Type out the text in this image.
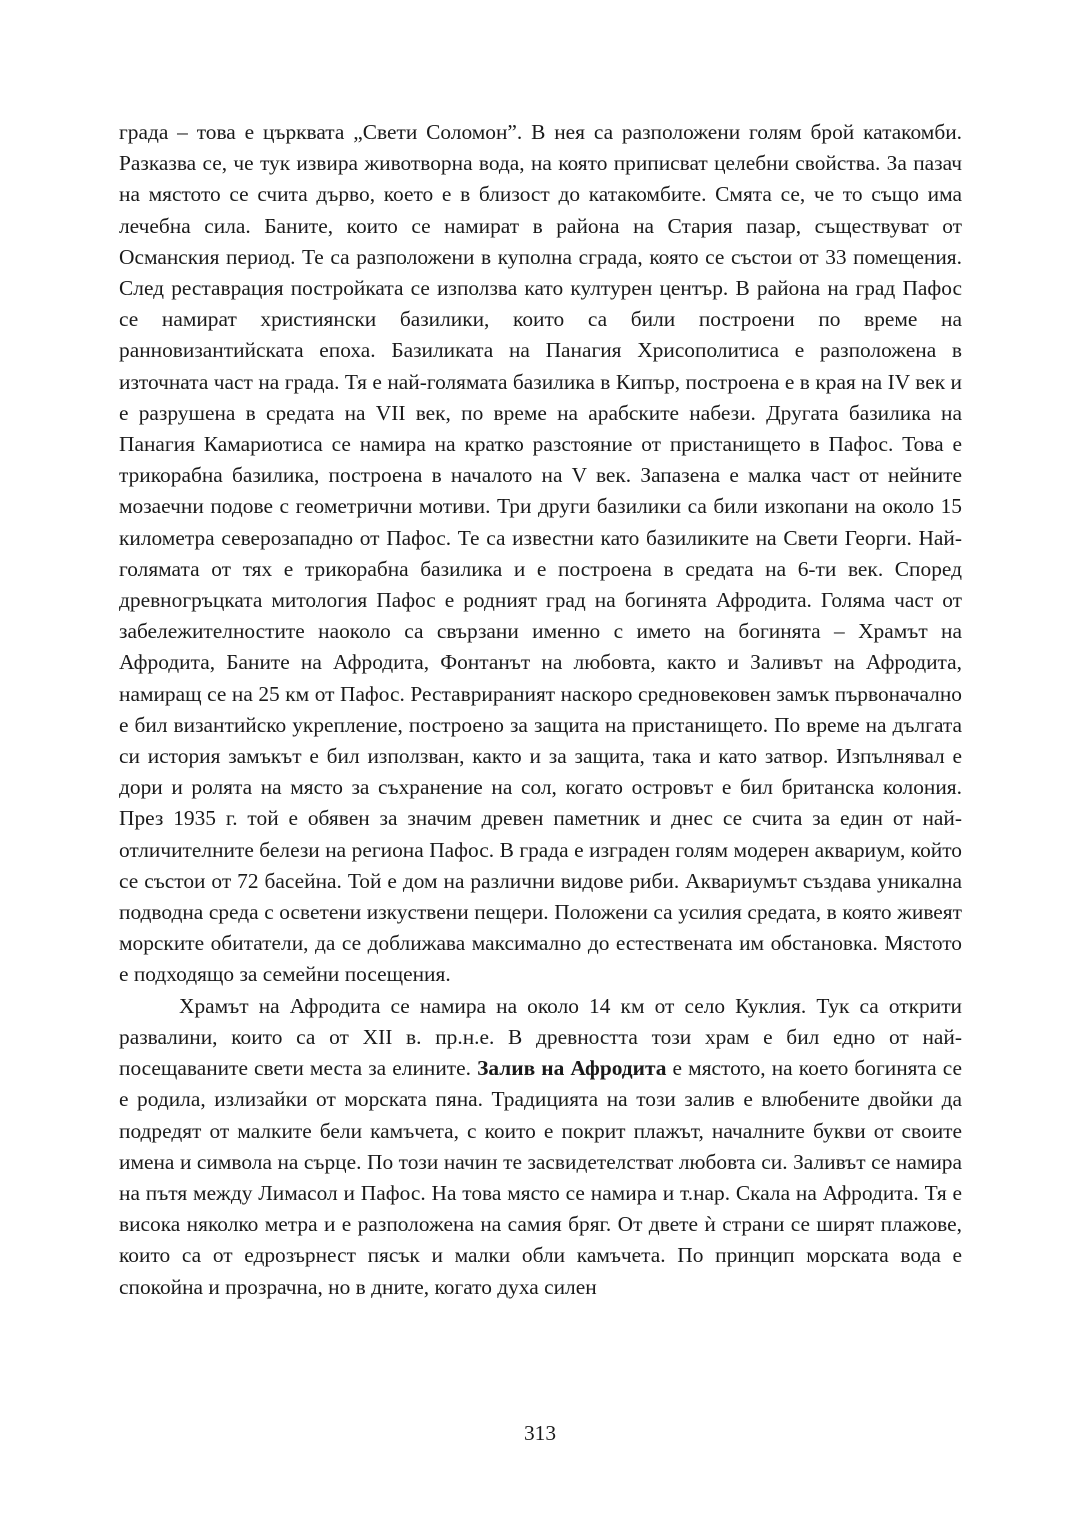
града – това е църквата „Свети Соломон”. В нея са разположени голям брой катакомби. Разказва се, че тук извира животворна вода, на която приписват целебни свойства. За пазач на мястото се счита дърво, което е в близост до катакомбите. Смята се, че то също има лечебна сила. Баните, които се намират в района на Стария пазар, съществуват от Османския период. Те са разположени в куполна сграда, която се състои от 33 помещения. След реставрация постройката се използва като културен център. В района на град Пафос се намират християнски базилики, които са били построени по време на ранновизантийската епоха. Базиликата на Панагия Хрисополитиса е разположена в източната част на града. Тя е най-голямата базилика в Кипър, построена е в края на IV век и е разрушена в средата на VII век, по време на арабските набези. Другата базилика на Панагия Камариотиса се намира на кратко разстояние от пристанището в Пафос. Това е трикорабна базилика, построена в началото на V век. Запазена е малка част от нейните мозаечни подове с геометрични мотиви. Три други базилики са били изкопани на около 15 километра северозападно от Пафос. Те са известни като базиликите на Свети Георги. Най-голямата от тях е трикорабна базилика и е построена в средата на 6-ти век. Според древногръцката митология Пафос е родният град на богинята Афродита. Голяма част от забележителностите наоколо са свързани именно с името на богинята – Храмът на Афродита, Баните на Афродита, Фонтанът на любовта, както и Заливът на Афродита, намиращ се на 25 км от Пафос. Реставрираният наскоро средновековен замък първоначално е бил византийско укрепление, построено за защита на пристанището. По време на дългата си история замъкът е бил използван, както и за защита, така и като затвор. Изпълнявал е дори и ролята на място за съхранение на сол, когато островът е бил британска колония. През 1935 г. той е обявен за значим древен паметник и днес се счита за един от най-отличителните белези на региона Пафос. В града е изграден голям модерен аквариум, който се състои от 72 басейна. Той е дом на различни видове риби. Аквариумът създава уникална подводна среда с осветени изкуствени пещери. Положени са усилия средата, в която живеят морските обитатели, да се доближава максимално до естествената им обстановка. Мястото е подходящо за семейни посещения.

Храмът на Афродита се намира на около 14 км от село Куклия. Тук са открити развалини, които са от XII в. пр.н.е. В древността този храм е бил едно от най-посещаваните свети места за елините. Залив на Афродита е мястото, на което богинята се е родила, излизайки от морската пяна. Традицията на този залив е влюбените двойки да подредят от малките бели камъчета, с които е покрит плажът, началните букви от своите имена и символа на сърце. По този начин те засвидетелстват любовта си. Заливът се намира на пътя между Лимасол и Пафос. На това място се намира и т.нар. Скала на Афродита. Тя е висока няколко метра и е разположена на самия бряг. От двете ѝ страни се ширят плажове, които са от едрозърнест пясък и малки обли камъчета. По принцип морската вода е спокойна и прозрачна, но в дните, когато духа силен

313
